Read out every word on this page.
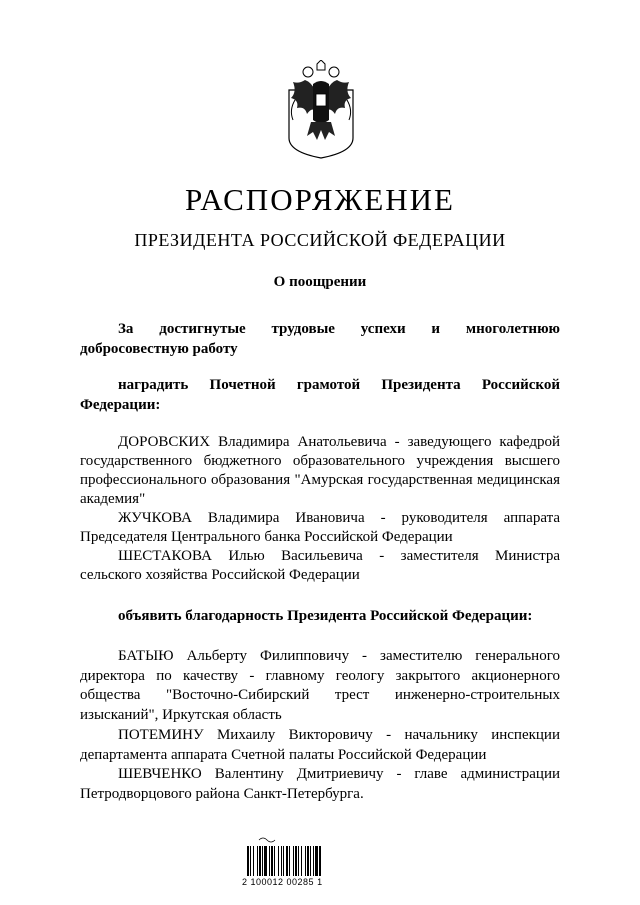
РАСПОРЯЖЕНИЕ
ПРЕЗИДЕНТА РОССИЙСКОЙ ФЕДЕРАЦИИ
О поощрении

За достигнутые трудовые успехи и многолетнюю добросовестную работу

наградить Почетной грамотой Президента Российской Федерации:

ДОРОВСКИХ Владимира Анатольевича - заведующего кафедрой государственного бюджетного образовательного учреждения высшего профессионального образования "Амурская государственная медицинская академия"

ЖУЧКОВА Владимира Ивановича - руководителя аппарата Председателя Центрального банка Российской Федерации

ШЕСТАКОВА Илью Васильевича - заместителя Министра сельского хозяйства Российской Федерации

объявить благодарность Президента Российской Федерации:

БАТЫЮ Альберту Филипповичу - заместителю генерального директора по качеству - главному геологу закрытого акционерного общества "Восточно-Сибирский трест инженерно-строительных изысканий", Иркутская область

ПОТЕМИНУ Михаилу Викторовичу - начальнику инспекции департамента аппарата Счетной палаты Российской Федерации

ШЕВЧЕНКО Валентину Дмитриевичу - главе администрации Петродворцового района Санкт-Петербурга.

2 100012 00285 1
